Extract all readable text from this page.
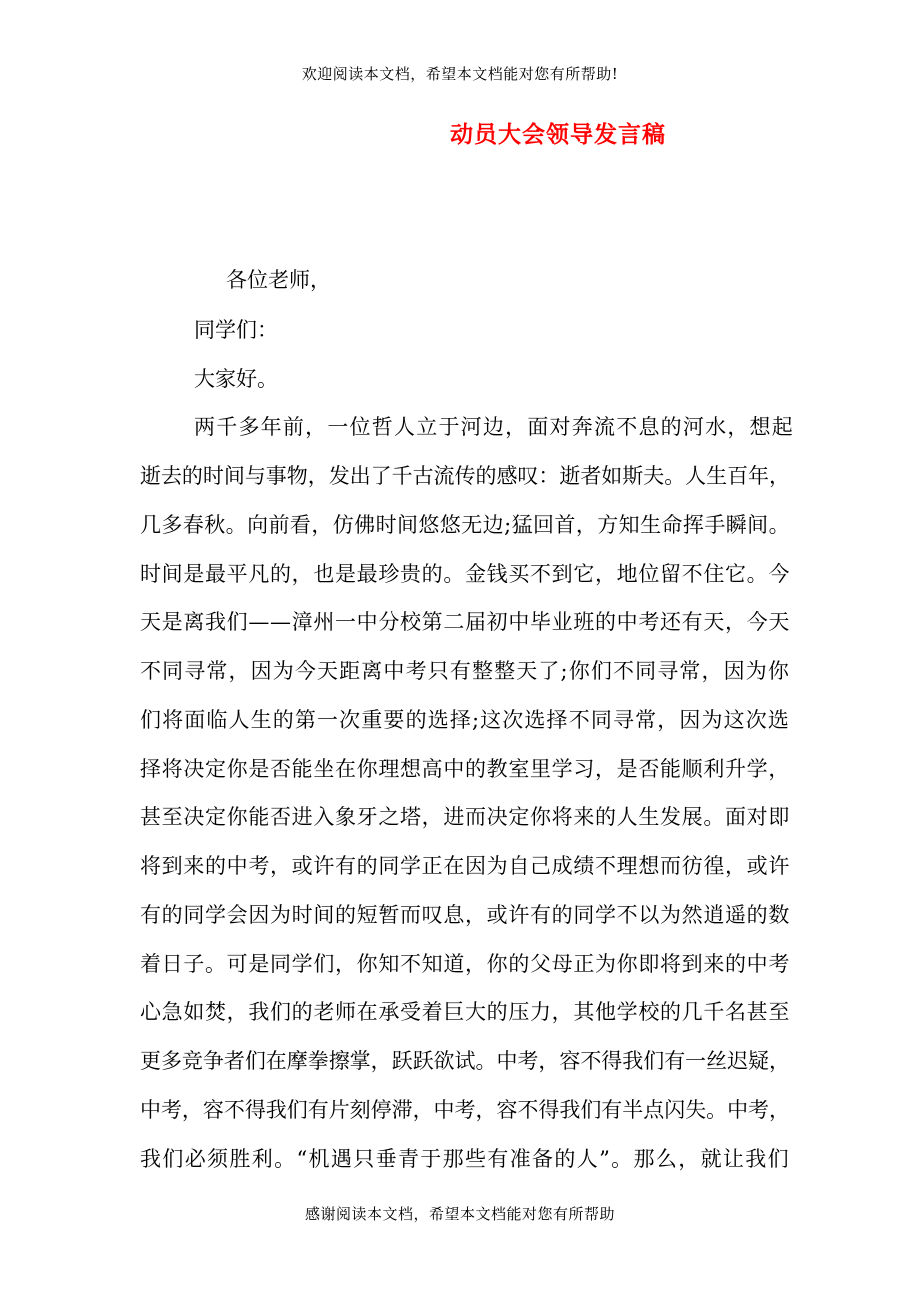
欢迎阅读本文档，希望本文档能对您有所帮助!
动员大会领导发言稿
各位老师，
同学们：
大家好。
两千多年前，一位哲人立于河边，面对奔流不息的河水，想起
逝去的时间与事物，发出了千古流传的感叹：逝者如斯夫。人生百年，
几多春秋。向前看，仿佛时间悠悠无边;猛回首，方知生命挥手瞬间。
时间是最平凡的，也是最珍贵的。金钱买不到它，地位留不住它。今
天是离我们——漳州一中分校第二届初中毕业班的中考还有天，今天
不同寻常，因为今天距离中考只有整整天了;你们不同寻常，因为你
们将面临人生的第一次重要的选择;这次选择不同寻常，因为这次选
择将决定你是否能坐在你理想高中的教室里学习，是否能顺利升学，
甚至决定你能否进入象牙之塔，进而决定你将来的人生发展。面对即
将到来的中考，或许有的同学正在因为自己成绩不理想而彷徨，或许
有的同学会因为时间的短暂而叹息，或许有的同学不以为然逍遥的数
着日子。可是同学们，你知不知道，你的父母正为你即将到来的中考
心急如焚，我们的老师在承受着巨大的压力，其他学校的几千名甚至
更多竞争者们在摩拳擦掌，跃跃欲试。中考，容不得我们有一丝迟疑，
中考，容不得我们有片刻停滞，中考，容不得我们有半点闪失。中考，
我们必须胜利。“机遇只垂青于那些有准备的人”。那么，就让我们
感谢阅读本文档，希望本文档能对您有所帮助
